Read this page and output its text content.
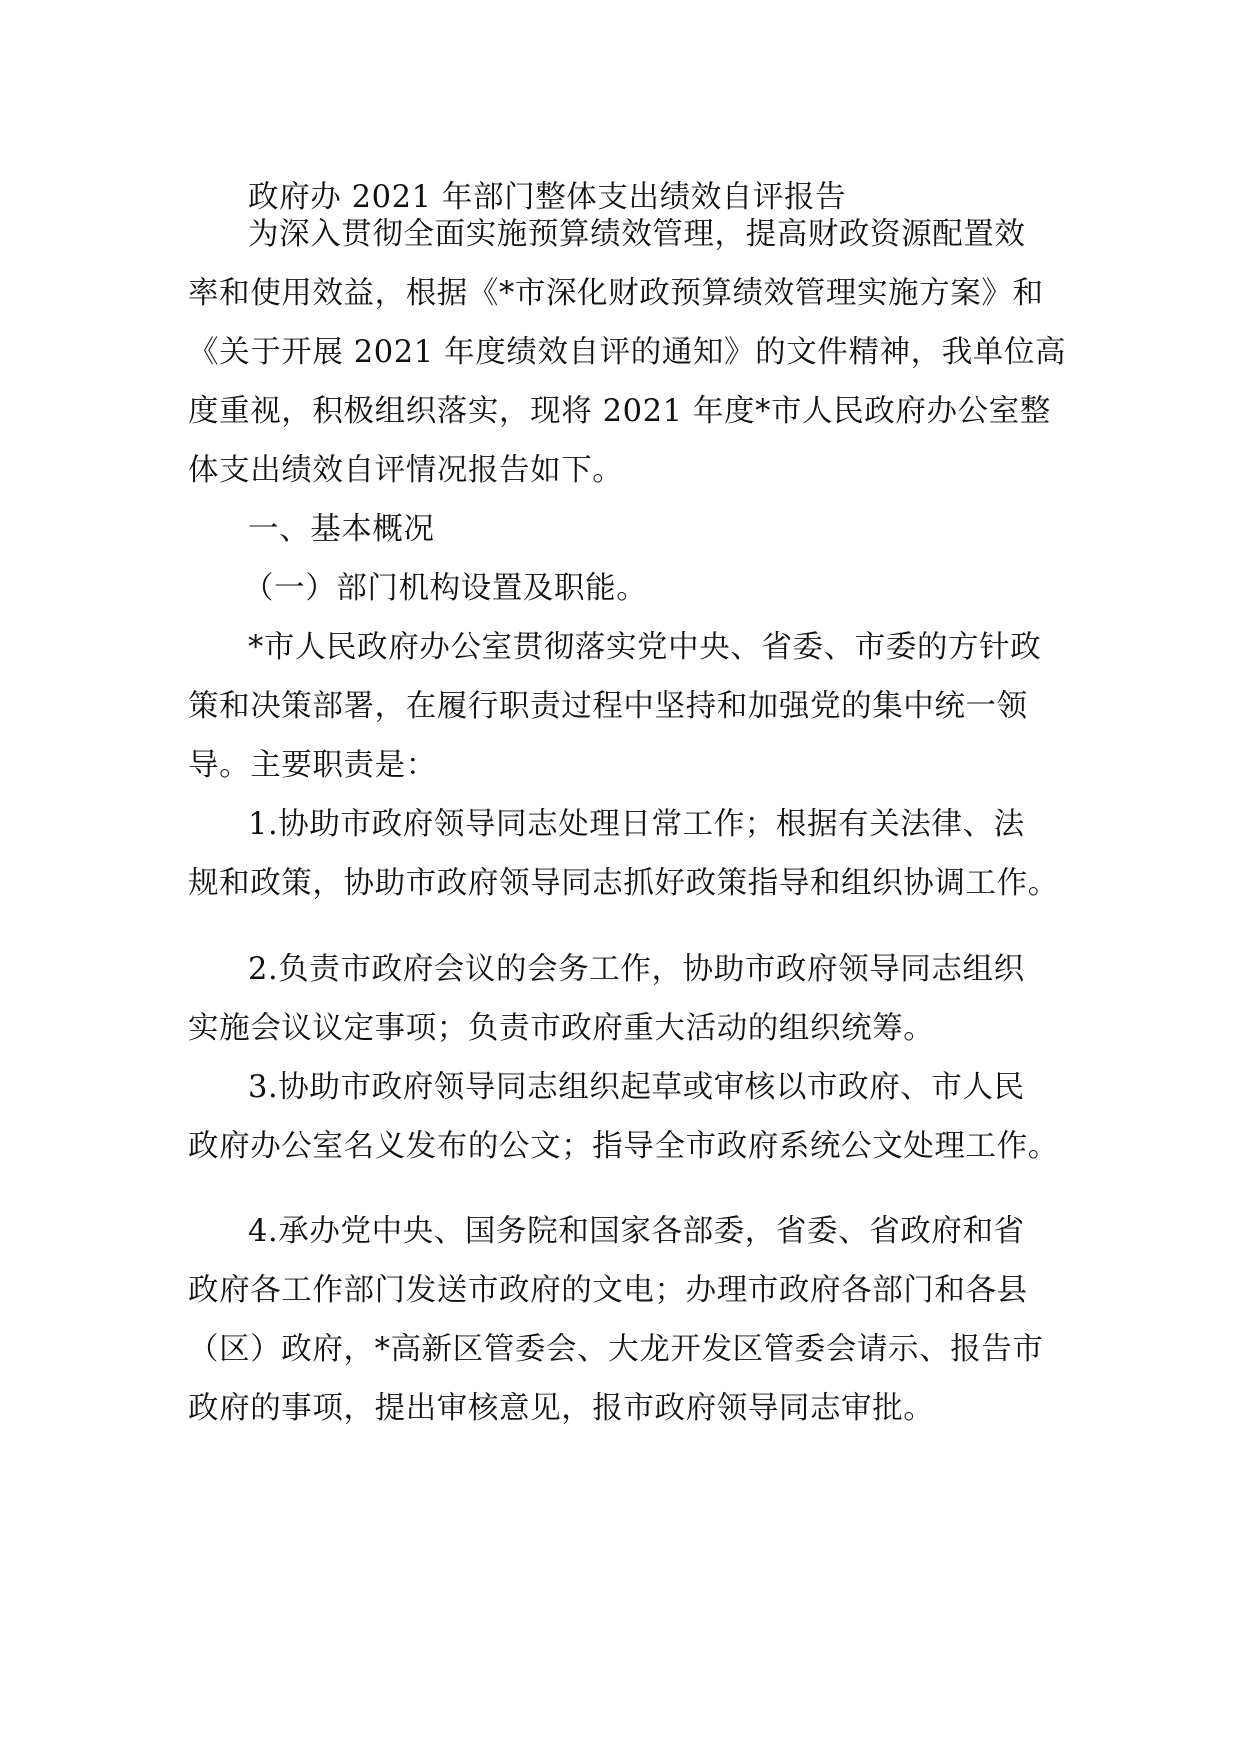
政府办 2021 年部门整体支出绩效自评报告
为深入贯彻全面实施预算绩效管理，提高财政资源配置效
率和使用效益，根据《*市深化财政预算绩效管理实施方案》和
《关于开展 2021 年度绩效自评的通知》的文件精神，我单位高
度重视，积极组织落实，现将 2021 年度*市人民政府办公室整
体支出绩效自评情况报告如下。
一、基本概况
（一）部门机构设置及职能。
*市人民政府办公室贯彻落实党中央、省委、市委的方针政
策和决策部署，在履行职责过程中坚持和加强党的集中统一领
导。主要职责是：
1.协助市政府领导同志处理日常工作；根据有关法律、法
规和政策，协助市政府领导同志抓好政策指导和组织协调工作。
2.负责市政府会议的会务工作，协助市政府领导同志组织
实施会议议定事项；负责市政府重大活动的组织统筹。
3.协助市政府领导同志组织起草或审核以市政府、市人民
政府办公室名义发布的公文；指导全市政府系统公文处理工作。
4.承办党中央、国务院和国家各部委，省委、省政府和省
政府各工作部门发送市政府的文电；办理市政府各部门和各县
（区）政府，*高新区管委会、大龙开发区管委会请示、报告市
政府的事项，提出审核意见，报市政府领导同志审批。
